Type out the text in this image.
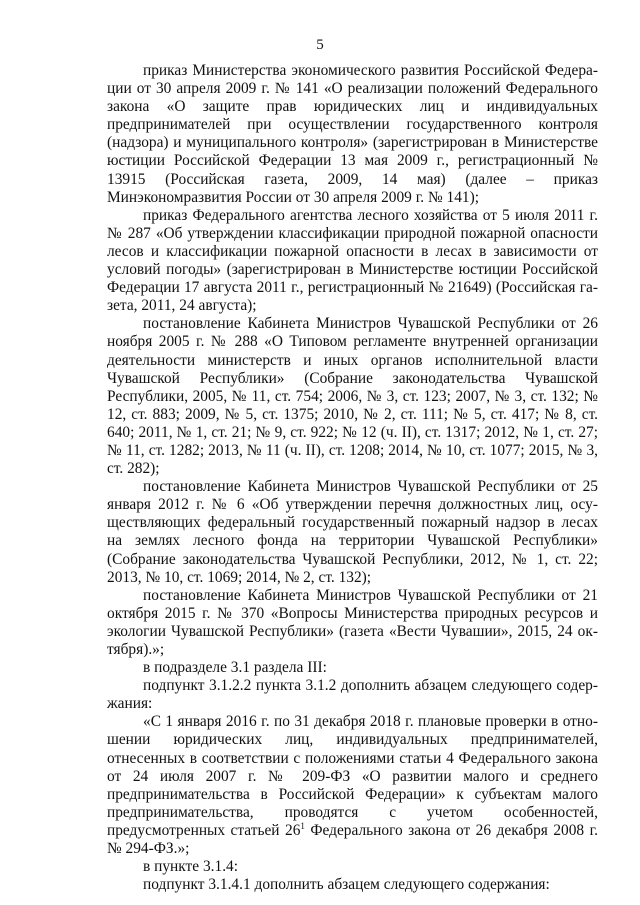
5

приказ Министерства экономического развития Российской Федерации от 30 апреля 2009 г. № 141 «О реализации положений Федерального закона «О защите прав юридических лиц и индивидуальных предпринимателей при осуществлении государственного контроля (надзора) и муниципального контроля» (зарегистрирован в Министерстве юстиции Российской Федерации 13 мая 2009 г., регистрационный № 13915 (Российская газета, 2009, 14 мая) (далее – приказ Минэкономразвития России от 30 апреля 2009 г. № 141);

приказ Федерального агентства лесного хозяйства от 5 июля 2011 г. № 287 «Об утверждении классификации природной пожарной опасности лесов и классификации пожарной опасности в лесах в зависимости от условий погоды» (зарегистрирован в Министерстве юстиции Российской Федерации 17 августа 2011 г., регистрационный № 21649) (Российская газета, 2011, 24 августа);

постановление Кабинета Министров Чувашской Республики от 26 ноября 2005 г. № 288 «О Типовом регламенте внутренней организации деятельности министерств и иных органов исполнительной власти Чувашской Республики» (Собрание законодательства Чувашской Республики, 2005, № 11, ст. 754; 2006, № 3, ст. 123; 2007, № 3, ст. 132; № 12, ст. 883; 2009, № 5, ст. 1375; 2010, № 2, ст. 111; № 5, ст. 417; № 8, ст. 640; 2011, № 1, ст. 21; № 9, ст. 922; № 12 (ч. II), ст. 1317; 2012, № 1, ст. 27; № 11, ст. 1282; 2013, № 11 (ч. II), ст. 1208; 2014, № 10, ст. 1077; 2015, № 3, ст. 282);

постановление Кабинета Министров Чувашской Республики от 25 января 2012 г. № 6 «Об утверждении перечня должностных лиц, осуществляющих федеральный государственный пожарный надзор в лесах на землях лесного фонда на территории Чувашской Республики» (Собрание законодательства Чувашской Республики, 2012, № 1, ст. 22; 2013, № 10, ст. 1069; 2014, № 2, ст. 132);

постановление Кабинета Министров Чувашской Республики от 21 октября 2015 г. № 370 «Вопросы Министерства природных ресурсов и экологии Чувашской Республики» (газета «Вести Чувашии», 2015, 24 октября).»;

в подразделе 3.1 раздела III:

подпункт 3.1.2.2 пункта 3.1.2 дополнить абзацем следующего содержания:

«С 1 января 2016 г. по 31 декабря 2018 г. плановые проверки в отношении юридических лиц, индивидуальных предпринимателей, отнесенных в соответствии с положениями статьи 4 Федерального закона от 24 июля 2007 г. № 209-ФЗ «О развитии малого и среднего предпринимательства в Российской Федерации» к субъектам малого предпринимательства, проводятся с учетом особенностей, предусмотренных статьей $26^1$ Федерального закона от 26 декабря 2008 г. № 294-ФЗ.»;

в пункте 3.1.4:

подпункт 3.1.4.1 дополнить абзацем следующего содержания:
